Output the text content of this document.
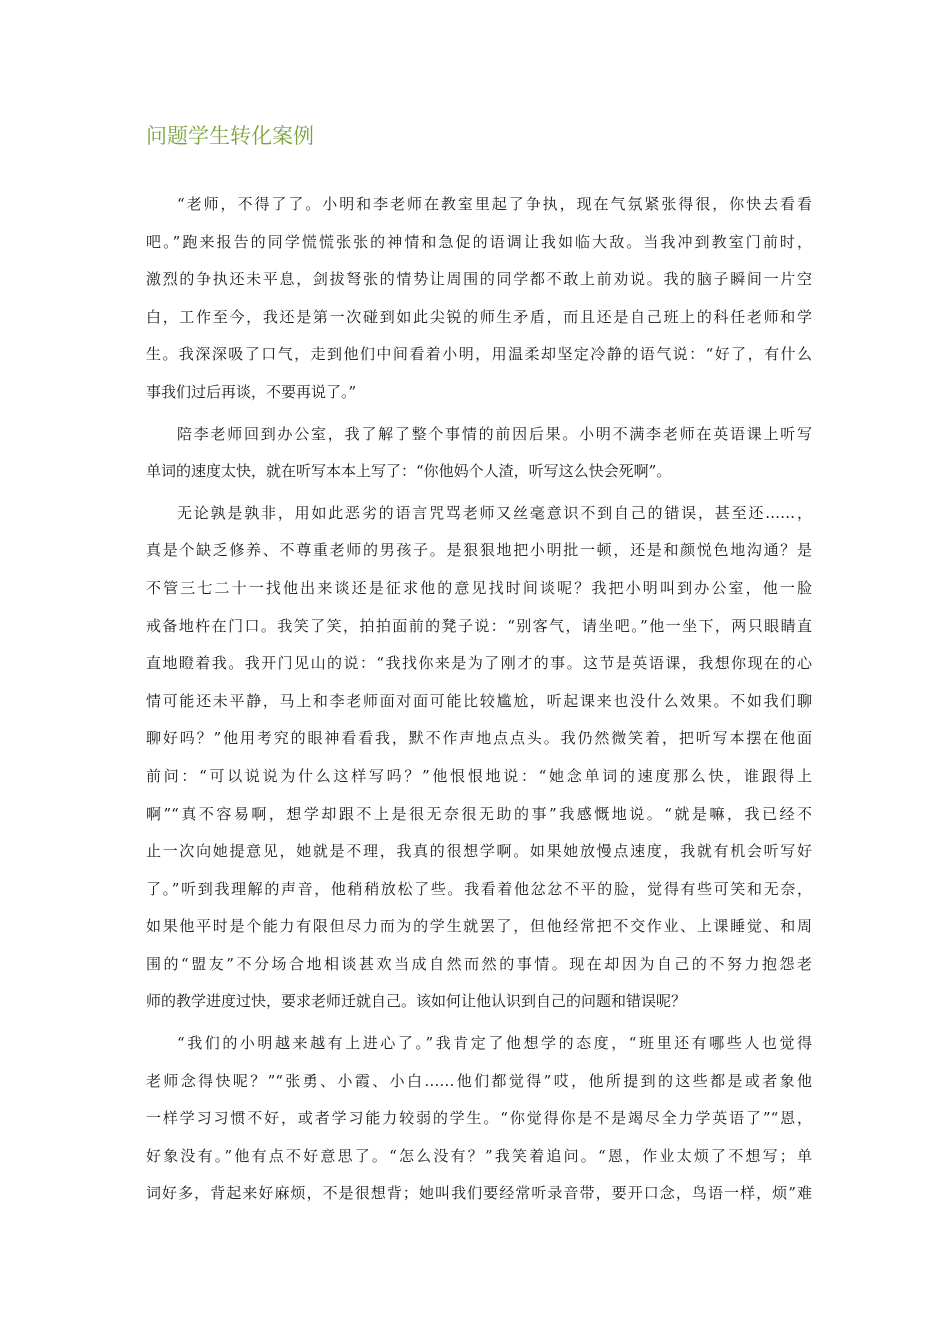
问题学生转化案例
“老师，不得了了。小明和李老师在教室里起了争执，现在气氛紧张得很，你快去看看
吧。”跑来报告的同学慌慌张张的神情和急促的语调让我如临大敌。当我冲到教室门前时，
激烈的争执还未平息，剑拔弩张的情势让周围的同学都不敢上前劝说。我的脑子瞬间一片空
白，工作至今，我还是第一次碰到如此尖锐的师生矛盾，而且还是自己班上的科任老师和学
生。我深深吸了口气，走到他们中间看着小明，用温柔却坚定冷静的语气说：“好了，有什么
事我们过后再谈，不要再说了。”
陪李老师回到办公室，我了解了整个事情的前因后果。小明不满李老师在英语课上听写
单词的速度太快，就在听写本本上写了：“你他妈个人渣，听写这么快会死啊”。
无论孰是孰非，用如此恶劣的语言咒骂老师又丝毫意识不到自己的错误，甚至还……，
真是个缺乏修养、不尊重老师的男孩子。是狠狠地把小明批一顿，还是和颜悦色地沟通？是
不管三七二十一找他出来谈还是征求他的意见找时间谈呢？我把小明叫到办公室，他一脸
戒备地杵在门口。我笑了笑，拍拍面前的凳子说：“别客气，请坐吧。”他一坐下，两只眼睛直
直地瞪着我。我开门见山的说：“我找你来是为了刚才的事。这节是英语课，我想你现在的心
情可能还未平静，马上和李老师面对面可能比较尴尬，听起课来也没什么效果。不如我们聊
聊好吗？”他用考究的眼神看看我，默不作声地点点头。我仍然微笑着，把听写本摆在他面
前问：“可以说说为什么这样写吗？”他恨恨地说：“她念单词的速度那么快，谁跟得上
啊”“真不容易啊，想学却跟不上是很无奈很无助的事”我感慨地说。“就是嘛，我已经不
止一次向她提意见，她就是不理，我真的很想学啊。如果她放慢点速度，我就有机会听写好
了。”听到我理解的声音，他稍稍放松了些。我看着他忿忿不平的脸，觉得有些可笑和无奈，
如果他平时是个能力有限但尽力而为的学生就罢了，但他经常把不交作业、上课睡觉、和周
围的“盟友”不分场合地相谈甚欢当成自然而然的事情。现在却因为自己的不努力抱怨老
师的教学进度过快，要求老师迁就自己。该如何让他认识到自己的问题和错误呢？
“我们的小明越来越有上进心了。”我肯定了他想学的态度，“班里还有哪些人也觉得
老师念得快呢？”“张勇、小霞、小白……他们都觉得”哎，他所提到的这些都是或者象他
一样学习习惯不好，或者学习能力较弱的学生。“你觉得你是不是竭尽全力学英语了”“恩，
好象没有。”他有点不好意思了。“怎么没有？”我笑着追问。“恩，作业太烦了不想写；单
词好多，背起来好麻烦，不是很想背；她叫我们要经常听录音带，要开口念，鸟语一样，烦”难
